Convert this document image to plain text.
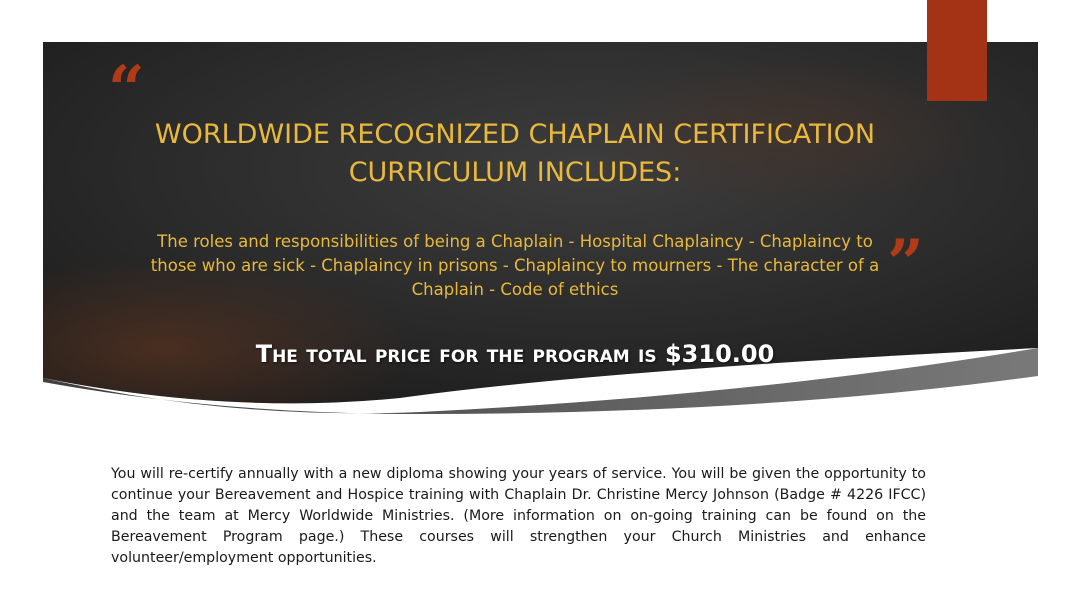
“
”
WORLDWIDE RECOGNIZED CHAPLAIN CERTIFICATION CURRICULUM INCLUDES:
The roles and responsibilities of being a Chaplain - Hospital Chaplaincy - Chaplaincy to those who are sick - Chaplaincy in prisons - Chaplaincy to mourners - The character of a Chaplain - Code of ethics
The total price for the program is $310.00
You will re-certify annually with a new diploma showing your years of service. You will be given the opportunity to continue your Bereavement and Hospice training with Chaplain Dr. Christine Mercy Johnson (Badge # 4226 IFCC) and the team at Mercy Worldwide Ministries. (More information on on-going training can be found on the Bereavement Program page.) These courses will strengthen your Church Ministries and enhance volunteer/employment opportunities.
